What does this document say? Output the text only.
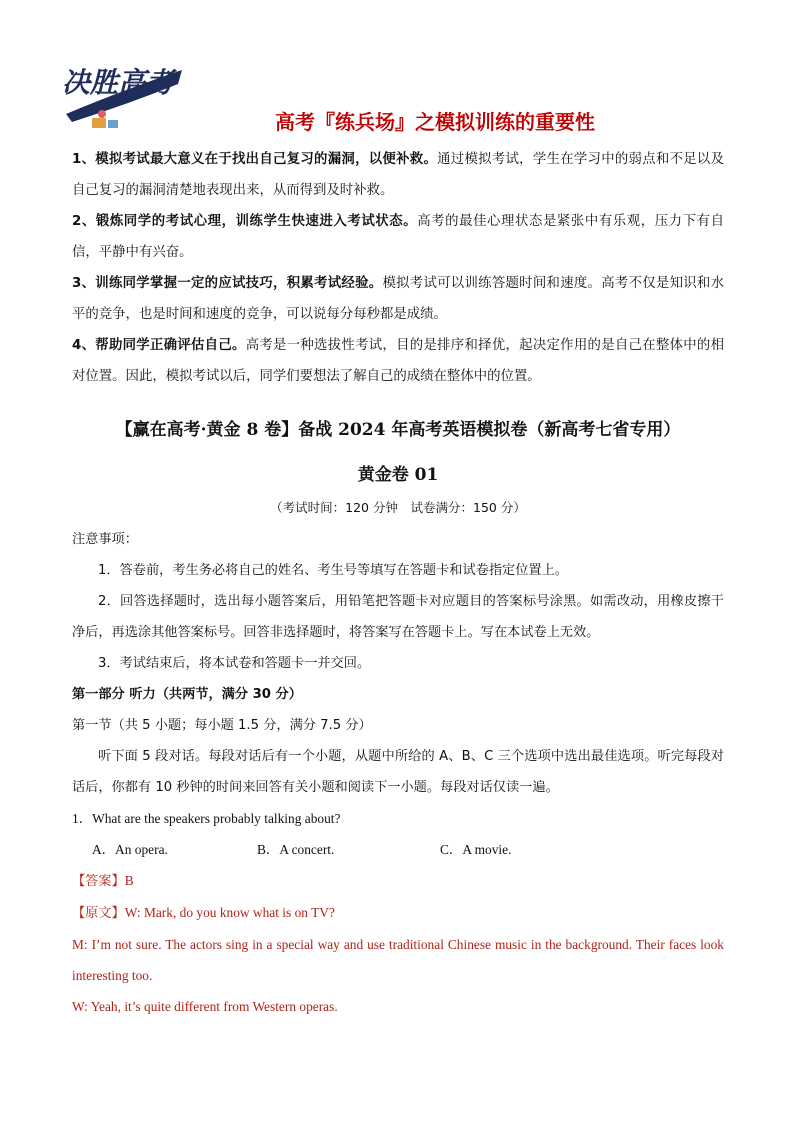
决胜高考
高考『练兵场』之模拟训练的重要性

1、模拟考试最大意义在于找出自己复习的漏洞，以便补救。通过模拟考试，学生在学习中的弱点和不足以及自己复习的漏洞清楚地表现出来，从而得到及时补救。

2、锻炼同学的考试心理，训练学生快速进入考试状态。高考的最佳心理状态是紧张中有乐观，压力下有自信，平静中有兴奋。

3、训练同学掌握一定的应试技巧，积累考试经验。模拟考试可以训练答题时间和速度。高考不仅是知识和水平的竞争，也是时间和速度的竞争，可以说每分每秒都是成绩。

4、帮助同学正确评估自己。高考是一种选拔性考试，目的是排序和择优，起决定作用的是自己在整体中的相对位置。因此，模拟考试以后，同学们要想法了解自己的成绩在整体中的位置。

【赢在高考·黄金 8 卷】备战 2024 年高考英语模拟卷（新高考七省专用）
黄金卷 01
（考试时间：120 分钟　试卷满分：150 分）

注意事项：

1．答卷前，考生务必将自己的姓名、考生号等填写在答题卡和试卷指定位置上。

2．回答选择题时，选出每小题答案后，用铅笔把答题卡对应题目的答案标号涂黑。如需改动，用橡皮擦干净后，再选涂其他答案标号。回答非选择题时，将答案写在答题卡上。写在本试卷上无效。

3．考试结束后，将本试卷和答题卡一并交回。

第一部分 听力（共两节，满分 30 分）

第一节（共 5 小题；每小题 1.5 分，满分 7.5 分）

听下面 5 段对话。每段对话后有一个小题，从题中所给的 A、B、C 三个选项中选出最佳选项。听完每段对话后，你都有 10 秒钟的时间来回答有关小题和阅读下一小题。每段对话仅读一遍。

1．What are the speakers probably talking about?

A．An opera.	B．A concert.	C．A movie.

【答案】B

【原文】W: Mark, do you know what is on TV?

M: I’m not sure. The actors sing in a special way and use traditional Chinese music in the background. Their faces look interesting too.

W: Yeah, it’s quite different from Western operas.
